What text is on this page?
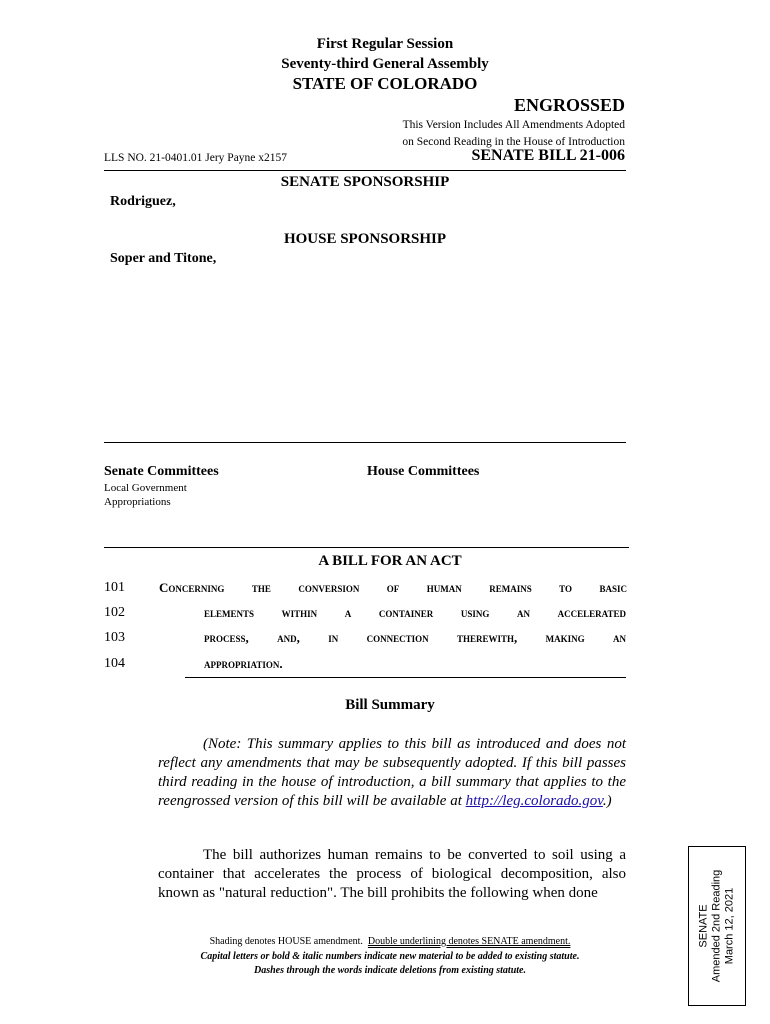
First Regular Session
Seventy-third General Assembly
STATE OF COLORADO
ENGROSSED
This Version Includes All Amendments Adopted
on Second Reading in the House of Introduction
LLS NO. 21-0401.01 Jery Payne x2157	SENATE BILL 21-006
SENATE SPONSORSHIP
Rodriguez,
HOUSE SPONSORSHIP
Soper and Titone,
Senate Committees	House Committees
Local Government
Appropriations
A BILL FOR AN ACT
101	Concerning the conversion of human remains to basic
102	elements within a container using an accelerated
103	process, and, in connection therewith, making an
104	appropriation.
Bill Summary
(Note: This summary applies to this bill as introduced and does not reflect any amendments that may be subsequently adopted. If this bill passes third reading in the house of introduction, a bill summary that applies to the reengrossed version of this bill will be available at http://leg.colorado.gov.)
The bill authorizes human remains to be converted to soil using a container that accelerates the process of biological decomposition, also known as "natural reduction". The bill prohibits the following when done
Shading denotes HOUSE amendment. Double underlining denotes SENATE amendment.
Capital letters or bold & italic numbers indicate new material to be added to existing statute.
Dashes through the words indicate deletions from existing statute.
SENATE Amended 2nd Reading March 12, 2021
